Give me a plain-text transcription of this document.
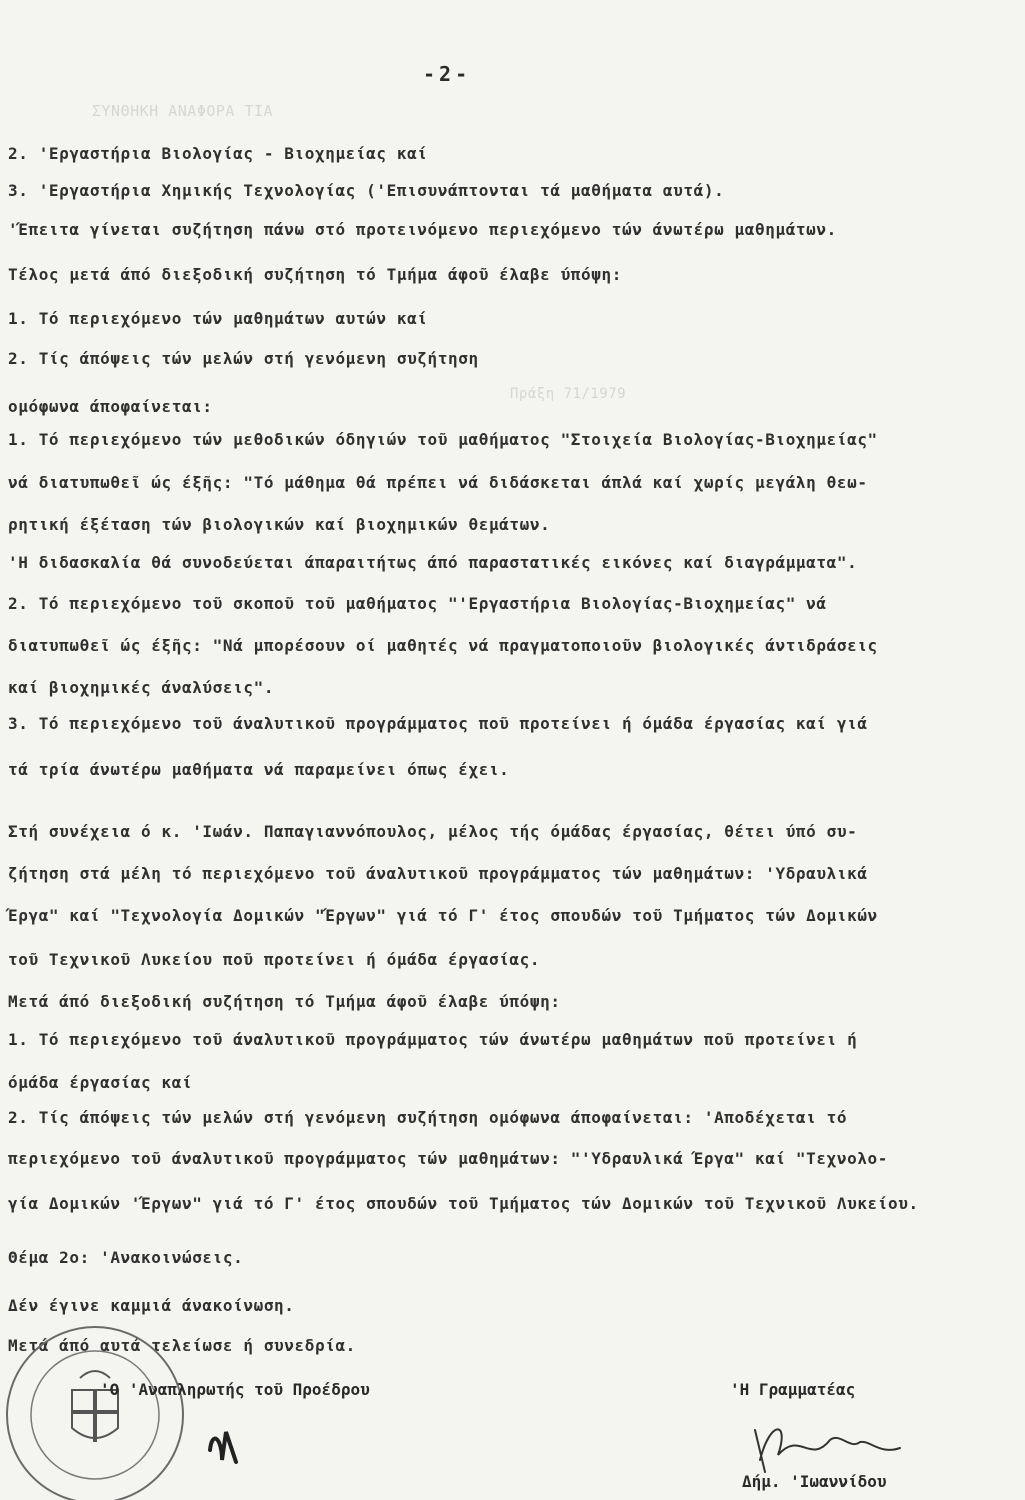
ΣΥΝΘΗΚΗ ΑΝΑΦΟΡΑ ΤΙΑ
Πράξη 71/1979
-2-
2. 'Εργαστήρια Βιολογίας - Βιοχημείας καί
3. 'Εργαστήρια Χημικής Τεχνολογίας ('Επισυνάπτονται τά μαθήματα αυτά).
'Έπειτα γίνεται συζήτηση πάνω στό προτεινόμενο περιεχόμενο τών άνωτέρω μαθημάτων.
Τέλος μετά άπό διεξοδική συζήτηση τό Τμήμα άφοῦ έλαβε ύπόψη:
1. Τό περιεχόμενο τών μαθημάτων αυτών καί
2. Τίς άπόψεις τών μελών στή γενόμενη συζήτηση
ομόφωνα άποφαίνεται:
1. Τό περιεχόμενο τών μεθοδικών όδηγιών τοῦ μαθήματος "Στοιχεία Βιολογίας-Βιοχημείας"
νά διατυπωθεῖ ώς έξῆς: "Τό μάθημα θά πρέπει νά διδάσκεται άπλά καί χωρίς μεγάλη θεω-
ρητική έξέταση τών βιολογικών καί βιοχημικών θεμάτων.
'Η διδασκαλία θά συνοδεύεται άπαραιτήτως άπό παραστατικές εικόνες καί διαγράμματα".
2. Τό περιεχόμενο τοῦ σκοποῦ τοῦ μαθήματος "'Εργαστήρια Βιολογίας-Βιοχημείας" νά
διατυπωθεῖ ώς έξῆς: "Νά μπορέσουν οί μαθητές νά πραγματοποιοῦν βιολογικές άντιδράσεις
καί βιοχημικές άναλύσεις".
3. Τό περιεχόμενο τοῦ άναλυτικοῦ προγράμματος ποῦ προτείνει ή όμάδα έργασίας καί γιά
τά τρία άνωτέρω μαθήματα νά παραμείνει όπως έχει.
Στή συνέχεια ό κ. 'Ιωάν. Παπαγιαννόπουλος, μέλος τής όμάδας έργασίας, θέτει ύπό συ-
ζήτηση στά μέλη τό περιεχόμενο τοῦ άναλυτικοῦ προγράμματος τών μαθημάτων: 'Υδραυλικά
Έργα" καί "Τεχνολογία Δομικών "Έργων" γιά τό Γ' έτος σπουδών τοῦ Τμήματος τών Δομικών
τοῦ Τεχνικοῦ Λυκείου ποῦ προτείνει ή όμάδα έργασίας.
Μετά άπό διεξοδική συζήτηση τό Τμήμα άφοῦ έλαβε ύπόψη:
1. Τό περιεχόμενο τοῦ άναλυτικοῦ προγράμματος τών άνωτέρω μαθημάτων ποῦ προτείνει ή
όμάδα έργασίας καί
2. Τίς άπόψεις τών μελών στή γενόμενη συζήτηση ομόφωνα άποφαίνεται: 'Αποδέχεται τό
περιεχόμενο τοῦ άναλυτικοῦ προγράμματος τών μαθημάτων: "'Υδραυλικά Έργα" καί "Τεχνολο-
γία Δομικών 'Έργων" γιά τό Γ' έτος σπουδών τοῦ Τμήματος τών Δομικών τοῦ Τεχνικοῦ Λυκείου.
Θέμα 2ο: 'Ανακοινώσεις.
Δέν έγινε καμμιά άνακοίνωση.
Μετά άπό αυτά τελείωσε ή συνεδρία.
'Ο 'Αναπληρωτής τοῦ Προέδρου	'Η Γραμματέας
Δήμ. 'Ιωαννίδου
